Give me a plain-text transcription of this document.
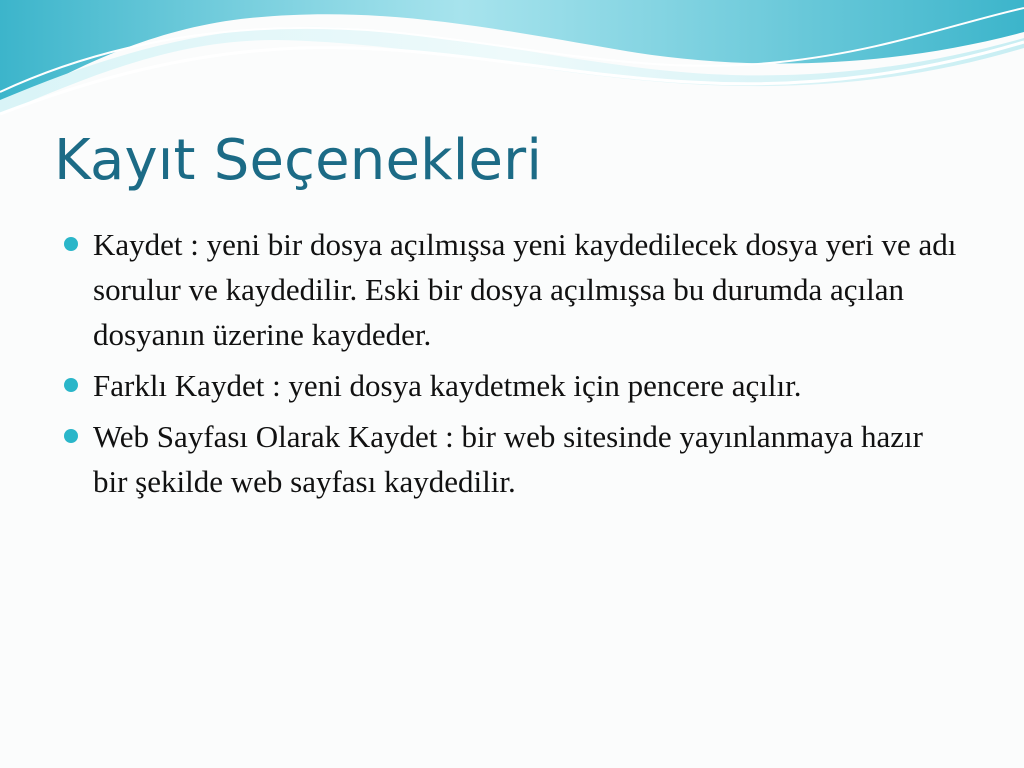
Kayıt Seçenekleri
Kaydet : yeni bir dosya açılmışsa yeni kaydedilecek dosya yeri ve adı sorulur ve kaydedilir. Eski bir dosya açılmışsa bu durumda açılan dosyanın üzerine kaydeder.
Farklı Kaydet : yeni dosya kaydetmek için pencere açılır.
Web Sayfası Olarak Kaydet : bir web sitesinde yayınlanmaya hazır bir şekilde web sayfası kaydedilir.
